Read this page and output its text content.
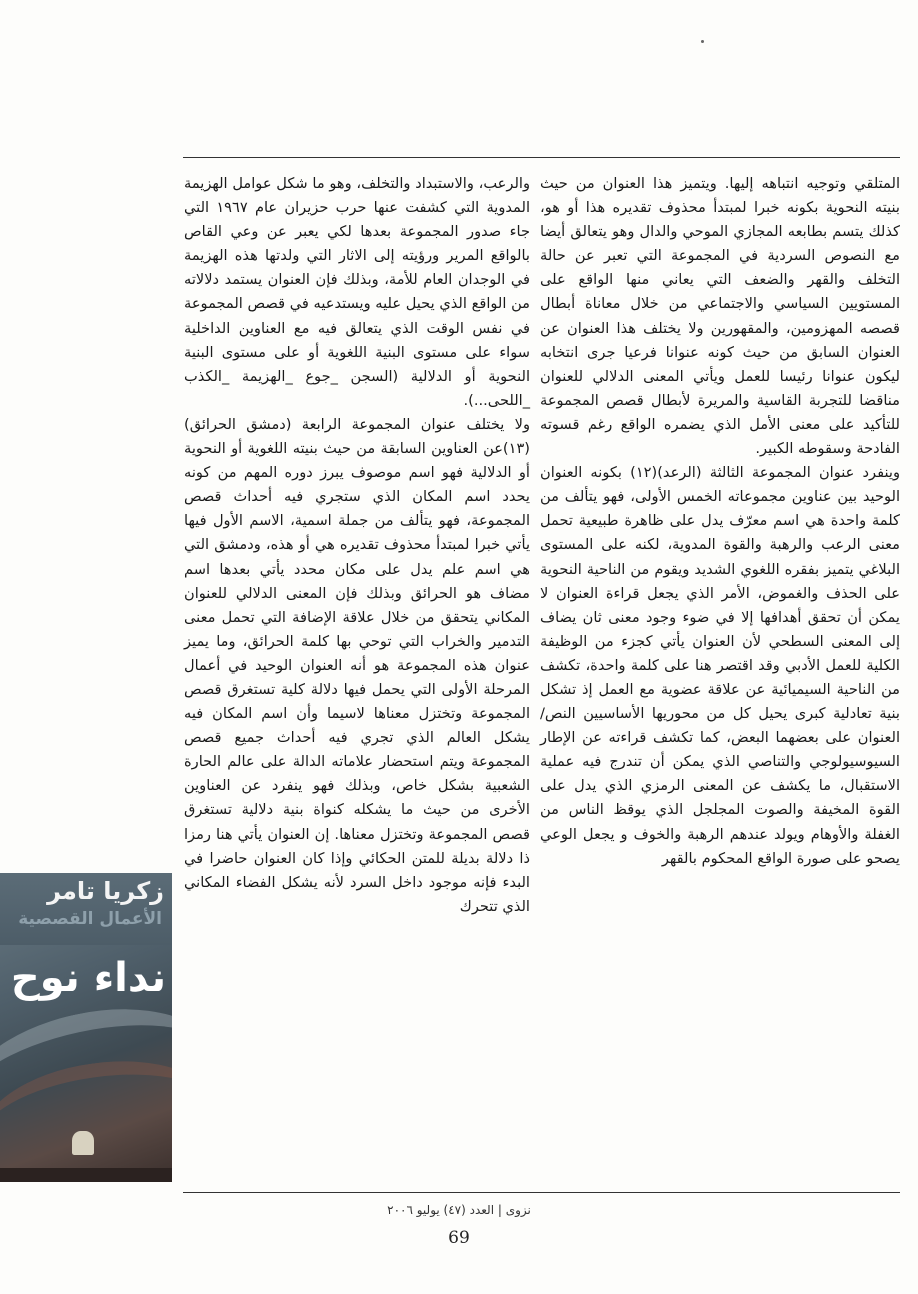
المتلقي وتوجيه انتباهه إليها. ويتميز هذا العنوان من حيث بنيته النحوية بكونه خبرا لمبتدأ محذوف تقديره هذا أو هو، كذلك يتسم بطابعه المجازي الموحي والدال وهو يتعالق أيضا مع النصوص السردية في المجموعة التي تعبر عن حالة التخلف والقهر والضعف التي يعاني منها الواقع على المستويين السياسي والاجتماعي من خلال معاناة أبطال قصصه المهزومين، والمقهورين ولا يختلف هذا العنوان عن العنوان السابق من حيث كونه عنوانا فرعيا جرى انتخابه ليكون عنوانا رئيسا للعمل ويأتي المعنى الدلالي للعنوان مناقضا للتجربة القاسية والمريرة لأبطال قصص المجموعة للتأكيد على معنى الأمل الذي يضمره الواقع رغم قسوته الفادحة وسقوطه الكبير.

وينفرد عنوان المجموعة الثالثة (الرعد)(١٢) بكونه العنوان الوحيد بين عناوين مجموعاته الخمس الأولى، فهو يتألف من كلمة واحدة هي اسم معرّف يدل على ظاهرة طبيعية تحمل معنى الرعب والرهبة والقوة المدوية، لكنه على المستوى البلاغي يتميز بفقره اللغوي الشديد ويقوم من الناحية النحوية على الحذف والغموض، الأمر الذي يجعل قراءة العنوان لا يمكن أن تحقق أهدافها إلا في ضوء وجود معنى ثان يضاف إلى المعنى السطحي لأن العنوان يأتي كجزء من الوظيفة الكلية للعمل الأدبي وقد اقتصر هنا على كلمة واحدة، تكشف من الناحية السيميائية عن علاقة عضوية مع العمل إذ تشكل بنية تعادلية كبرى يحيل كل من محوريها الأساسيين النص/ العنوان على بعضهما البعض، كما تكشف قراءته عن الإطار السيوسيولوجي والتناصي الذي يمكن أن تندرج فيه عملية الاستقبال، ما يكشف عن المعنى الرمزي الذي يدل على القوة المخيفة والصوت المجلجل الذي يوقظ الناس من الغفلة والأوهام ويولد عندهم الرهبة والخوف و يجعل الوعي يصحو على صورة الواقع المحكوم بالقهر

والرعب، والاستبداد والتخلف، وهو ما شكل عوامل الهزيمة المدوية التي كشفت عنها حرب حزيران عام ١٩٦٧ التي جاء صدور المجموعة بعدها لكي يعبر عن وعي القاص بالواقع المرير ورؤيته إلى الاثار التي ولدتها هذه الهزيمة في الوجدان العام للأمة، وبذلك فإن العنوان يستمد دلالاته من الواقع الذي يحيل عليه ويستدعيه في قصص المجموعة في نفس الوقت الذي يتعالق فيه مع العناوين الداخلية سواء على مستوى البنية اللغوية أو على مستوى البنية النحوية أو الدلالية (السجن _جوع _الهزيمة _الكذب _اللحى...).

ولا يختلف عنوان المجموعة الرابعة (دمشق الحرائق)(١٣)عن العناوين السابقة من حيث بنيته اللغوية أو النحوية أو الدلالية فهو اسم موصوف يبرز دوره المهم من كونه يحدد اسم المكان الذي ستجري فيه أحداث قصص المجموعة، فهو يتألف من جملة اسمية، الاسم الأول فيها يأتي خبرا لمبتدأ محذوف تقديره هي أو هذه، ودمشق التي هي اسم علم يدل على مكان محدد يأتي بعدها اسم مضاف هو الحرائق وبذلك فإن المعنى الدلالي للعنوان المكاني يتحقق من خلال علاقة الإضافة التي تحمل معنى التدمير والخراب التي توحي بها كلمة الحرائق، وما يميز عنوان هذه المجموعة هو أنه العنوان الوحيد في أعمال المرحلة الأولى التي يحمل فيها دلالة كلية تستغرق قصص المجموعة وتختزل معناها لاسيما وأن اسم المكان فيه يشكل العالم الذي تجري فيه أحداث جميع قصص المجموعة ويتم استحضار علاماته الدالة على عالم الحارة الشعبية بشكل خاص، وبذلك فهو ينفرد عن العناوين الأخرى من حيث ما يشكله كنواة بنية دلالية تستغرق قصص المجموعة وتختزل معناها. إن العنوان يأتي هنا رمزا ذا دلالة بديلة للمتن الحكائي وإذا كان العنوان حاضرا في البدء فإنه موجود داخل السرد لأنه يشكل الفضاء المكاني الذي تتحرك

زكريا تامر
الأعمال القصصية
نداء نوح
نزوى | العدد (٤٧) يوليو ٢٠٠٦
69
